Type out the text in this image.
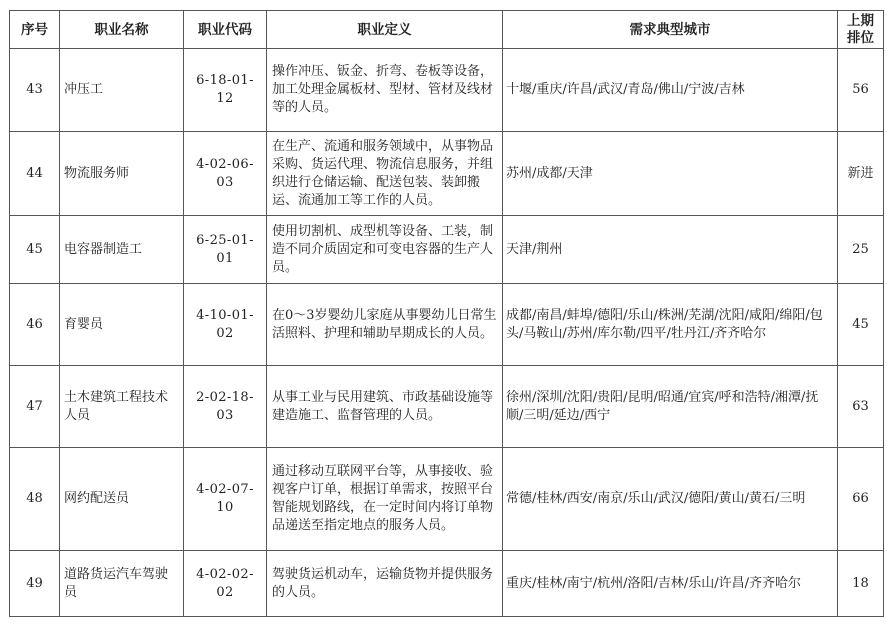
序号	职业名称	职业代码	职业定义	需求典型城市	上期
排位

43	冲压工	6-18-01-12	操作冲压、钣金、折弯、卷板等设备，加工处理金属板材、型材、管材及线材等的人员。	十堰/重庆/许昌/武汉/青岛/佛山/宁波/吉林	56
44	物流服务师	4-02-06-03	在生产、流通和服务领域中，从事物品采购、货运代理、物流信息服务，并组织进行仓储运输、配送包装、装卸搬运、流通加工等工作的人员。	苏州/成都/天津	新进
45	电容器制造工	6-25-01-01	使用切割机、成型机等设备、工装，制造不同介质固定和可变电容器的生产人员。	天津/荆州	25
46	育婴员	4-10-01-02	在0～3岁婴幼儿家庭从事婴幼儿日常生活照料、护理和辅助早期成长的人员。	成都/南昌/蚌埠/德阳/乐山/株洲/芜湖/沈阳/咸阳/绵阳/包头/马鞍山/苏州/库尔勒/四平/牡丹江/齐齐哈尔	45
47	土木建筑工程技术人员	2-02-18-03	从事工业与民用建筑、市政基础设施等建造施工、监督管理的人员。	徐州/深圳/沈阳/贵阳/昆明/昭通/宜宾/呼和浩特/湘潭/抚顺/三明/延边/西宁	63
48	网约配送员	4-02-07-10	通过移动互联网平台等，从事接收、验视客户订单，根据订单需求，按照平台智能规划路线，在一定时间内将订单物品递送至指定地点的服务人员。	常德/桂林/西安/南京/乐山/武汉/德阳/黄山/黄石/三明	66
49	道路货运汽车驾驶员	4-02-02-02	驾驶货运机动车，运输货物并提供服务的人员。	重庆/桂林/南宁/杭州/洛阳/吉林/乐山/许昌/齐齐哈尔	18
